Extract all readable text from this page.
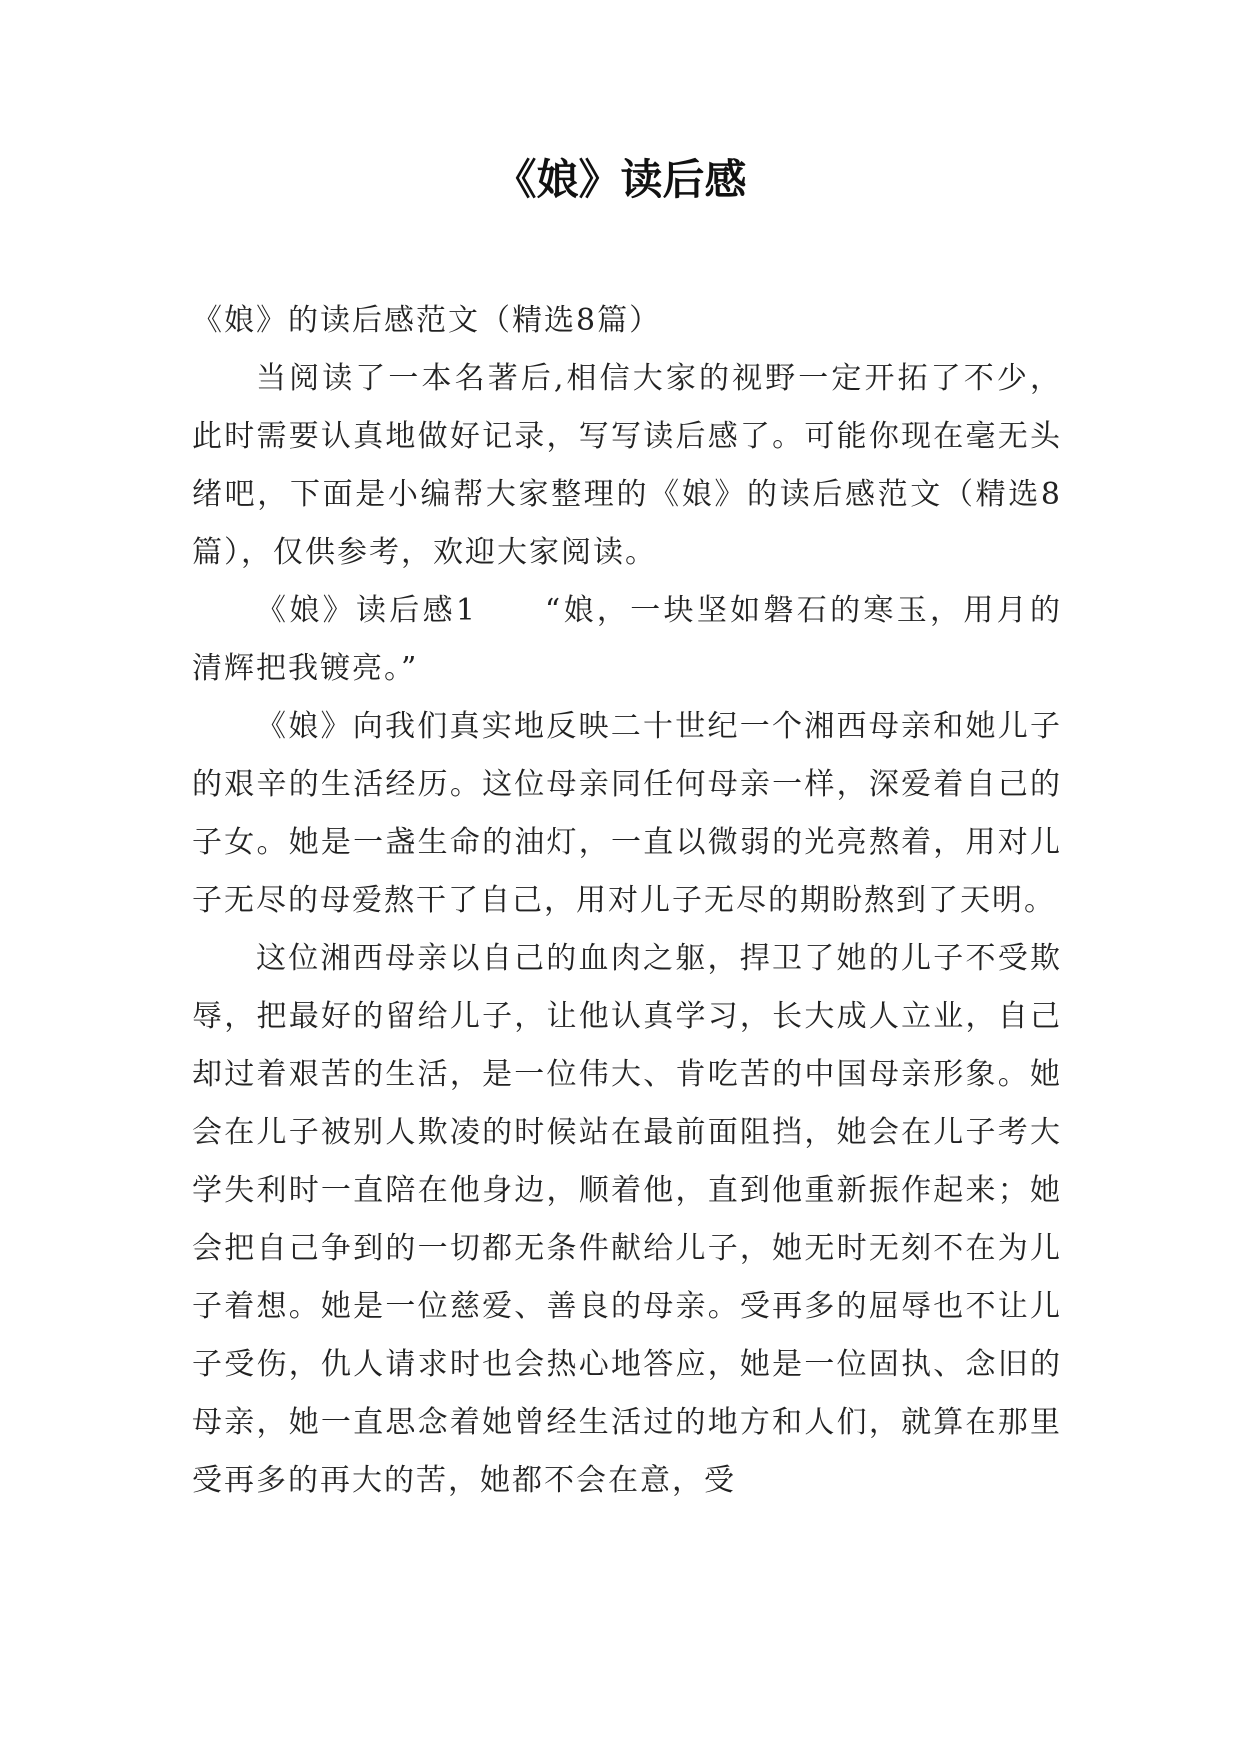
《娘》读后感

《娘》的读后感范文（精选8篇）

当阅读了一本名著后,相信大家的视野一定开拓了不少，此时需要认真地做好记录，写写读后感了。可能你现在毫无头绪吧，下面是小编帮大家整理的《娘》的读后感范文（精选8篇），仅供参考，欢迎大家阅读。

《娘》读后感1　　“娘，一块坚如磐石的寒玉，用月的清辉把我镀亮。”

《娘》向我们真实地反映二十世纪一个湘西母亲和她儿子的艰辛的生活经历。这位母亲同任何母亲一样，深爱着自己的子女。她是一盏生命的油灯，一直以微弱的光亮熬着，用对儿子无尽的母爱熬干了自己，用对儿子无尽的期盼熬到了天明。

这位湘西母亲以自己的血肉之躯，捍卫了她的儿子不受欺辱，把最好的留给儿子，让他认真学习，长大成人立业，自己却过着艰苦的生活，是一位伟大、肯吃苦的中国母亲形象。她会在儿子被别人欺凌的时候站在最前面阻挡，她会在儿子考大学失利时一直陪在他身边，顺着他，直到他重新振作起来；她会把自己争到的一切都无条件献给儿子，她无时无刻不在为儿子着想。她是一位慈爱、善良的母亲。受再多的屈辱也不让儿子受伤，仇人请求时也会热心地答应，她是一位固执、念旧的母亲，她一直思念着她曾经生活过的地方和人们，就算在那里受再多的再大的苦，她都不会在意，受
